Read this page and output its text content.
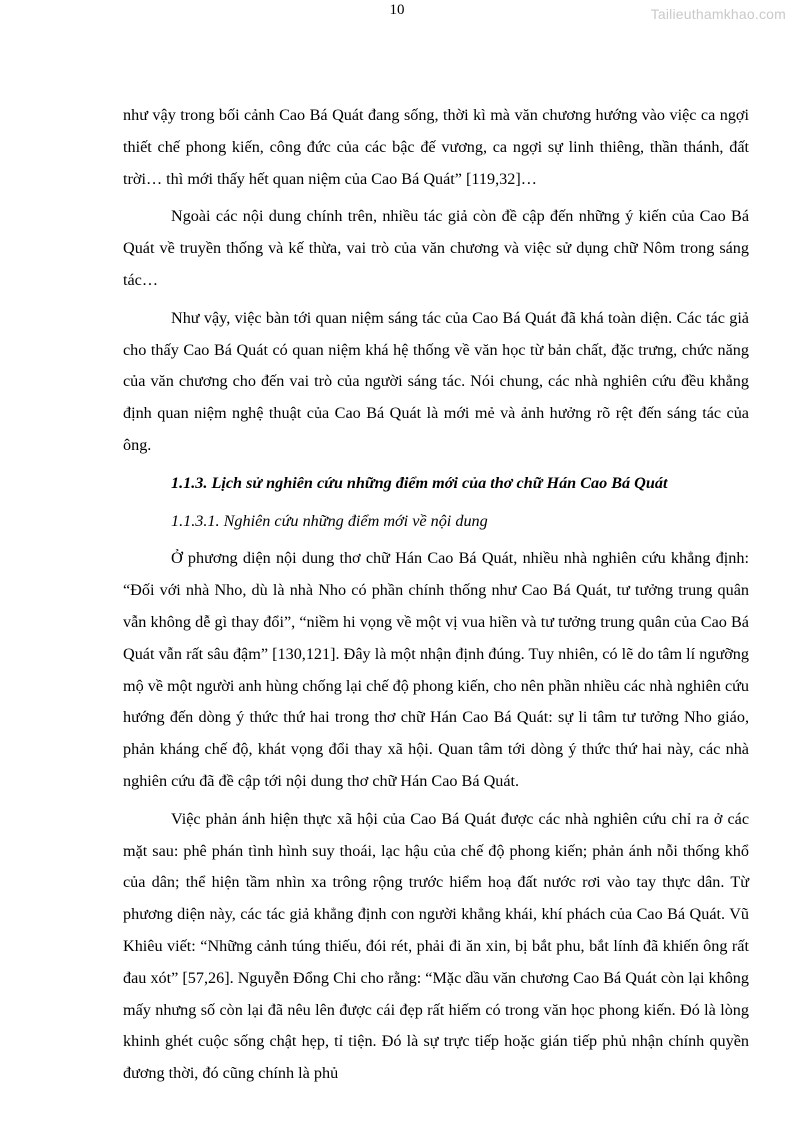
10	Tailieuthamkhao.com

như vậy trong bối cảnh Cao Bá Quát đang sống, thời kì mà văn chương hướng vào việc ca ngợi thiết chế phong kiến, công đức của các bậc đế vương, ca ngợi sự linh thiêng, thần thánh, đất trời… thì mới thấy hết quan niệm của Cao Bá Quát” [119,32]…

Ngoài các nội dung chính trên, nhiều tác giả còn đề cập đến những ý kiến của Cao Bá Quát về truyền thống và kế thừa, vai trò của văn chương và việc sử dụng chữ Nôm trong sáng tác…

Như vậy, việc bàn tới quan niệm sáng tác của Cao Bá Quát đã khá toàn diện. Các tác giả cho thấy Cao Bá Quát có quan niệm khá hệ thống về văn học từ bản chất, đặc trưng, chức năng của văn chương cho đến vai trò của người sáng tác. Nói chung, các nhà nghiên cứu đều khẳng định quan niệm nghệ thuật của Cao Bá Quát là mới mẻ và ảnh hưởng rõ rệt đến sáng tác của ông.

1.1.3. Lịch sử nghiên cứu những điểm mới của thơ chữ Hán Cao Bá Quát

1.1.3.1. Nghiên cứu những điểm mới về nội dung

Ở phương diện nội dung thơ chữ Hán Cao Bá Quát, nhiều nhà nghiên cứu khẳng định: “Đối với nhà Nho, dù là nhà Nho có phần chính thống như Cao Bá Quát, tư tưởng trung quân vẫn không dễ gì thay đổi”, “niềm hi vọng về một vị vua hiền và tư tưởng trung quân của Cao Bá Quát vẫn rất sâu đậm” [130,121]. Đây là một nhận định đúng. Tuy nhiên, có lẽ do tâm lí ngưỡng mộ về một người anh hùng chống lại chế độ phong kiến, cho nên phần nhiều các nhà nghiên cứu hướng đến dòng ý thức thứ hai trong thơ chữ Hán Cao Bá Quát: sự li tâm tư tưởng Nho giáo, phản kháng chế độ, khát vọng đổi thay xã hội. Quan tâm tới dòng ý thức thứ hai này, các nhà nghiên cứu đã đề cập tới nội dung thơ chữ Hán Cao Bá Quát.

Việc phản ánh hiện thực xã hội của Cao Bá Quát được các nhà nghiên cứu chỉ ra ở các mặt sau: phê phán tình hình suy thoái, lạc hậu của chế độ phong kiến; phản ánh nỗi thống khổ của dân; thể hiện tầm nhìn xa trông rộng trước hiểm hoạ đất nước rơi vào tay thực dân. Từ phương diện này, các tác giả khẳng định con người khẳng khái, khí phách của Cao Bá Quát. Vũ Khiêu viết: “Những cảnh túng thiếu, đói rét, phải đi ăn xin, bị bắt phu, bắt lính đã khiến ông rất đau xót” [57,26]. Nguyễn Đổng Chi cho rằng: “Mặc dầu văn chương Cao Bá Quát còn lại không mấy nhưng số còn lại đã nêu lên được cái đẹp rất hiếm có trong văn học phong kiến. Đó là lòng khinh ghét cuộc sống chật hẹp, tỉ tiện. Đó là sự trực tiếp hoặc gián tiếp phủ nhận chính quyền đương thời, đó cũng chính là phủ
